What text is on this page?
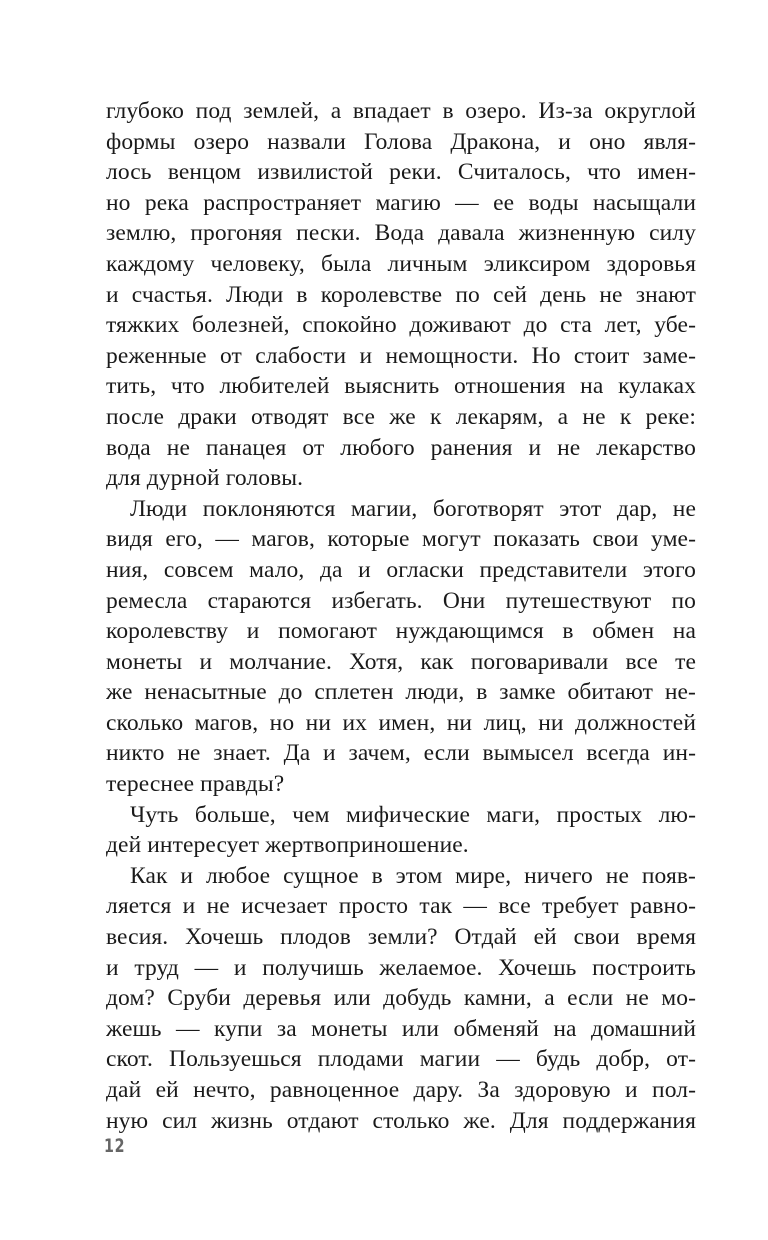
глубоко под землей, а впадает в озеро. Из-за округлой
формы озеро назвали Голова Дракона, и оно явля-
лось венцом извилистой реки. Считалось, что имен-
но река распространяет магию — ее воды насыщали
землю, прогоняя пески. Вода давала жизненную силу
каждому человеку, была личным эликсиром здоровья
и счастья. Люди в королевстве по сей день не знают
тяжких болезней, спокойно доживают до ста лет, убе-
реженные от слабости и немощности. Но стоит заме-
тить, что любителей выяснить отношения на кулаках
после драки отводят все же к лекарям, а не к реке:
вода не панацея от любого ранения и не лекарство
для дурной головы.
Люди поклоняются магии, боготворят этот дар, не
видя его, — магов, которые могут показать свои уме-
ния, совсем мало, да и огласки представители этого
ремесла стараются избегать. Они путешествуют по
королевству и помогают нуждающимся в обмен на
монеты и молчание. Хотя, как поговаривали все те
же ненасытные до сплетен люди, в замке обитают не-
сколько магов, но ни их имен, ни лиц, ни должностей
никто не знает. Да и зачем, если вымысел всегда ин-
тереснее правды?
Чуть больше, чем мифические маги, простых лю-
дей интересует жертвоприношение.
Как и любое сущное в этом мире, ничего не появ-
ляется и не исчезает просто так — все требует равно-
весия. Хочешь плодов земли? Отдай ей свои время
и труд — и получишь желаемое. Хочешь построить
дом? Сруби деревья или добудь камни, а если не мо-
жешь — купи за монеты или обменяй на домашний
скот. Пользуешься плодами магии — будь добр, от-
дай ей нечто, равноценное дару. За здоровую и пол-
ную сил жизнь отдают столько же. Для поддержания
12
